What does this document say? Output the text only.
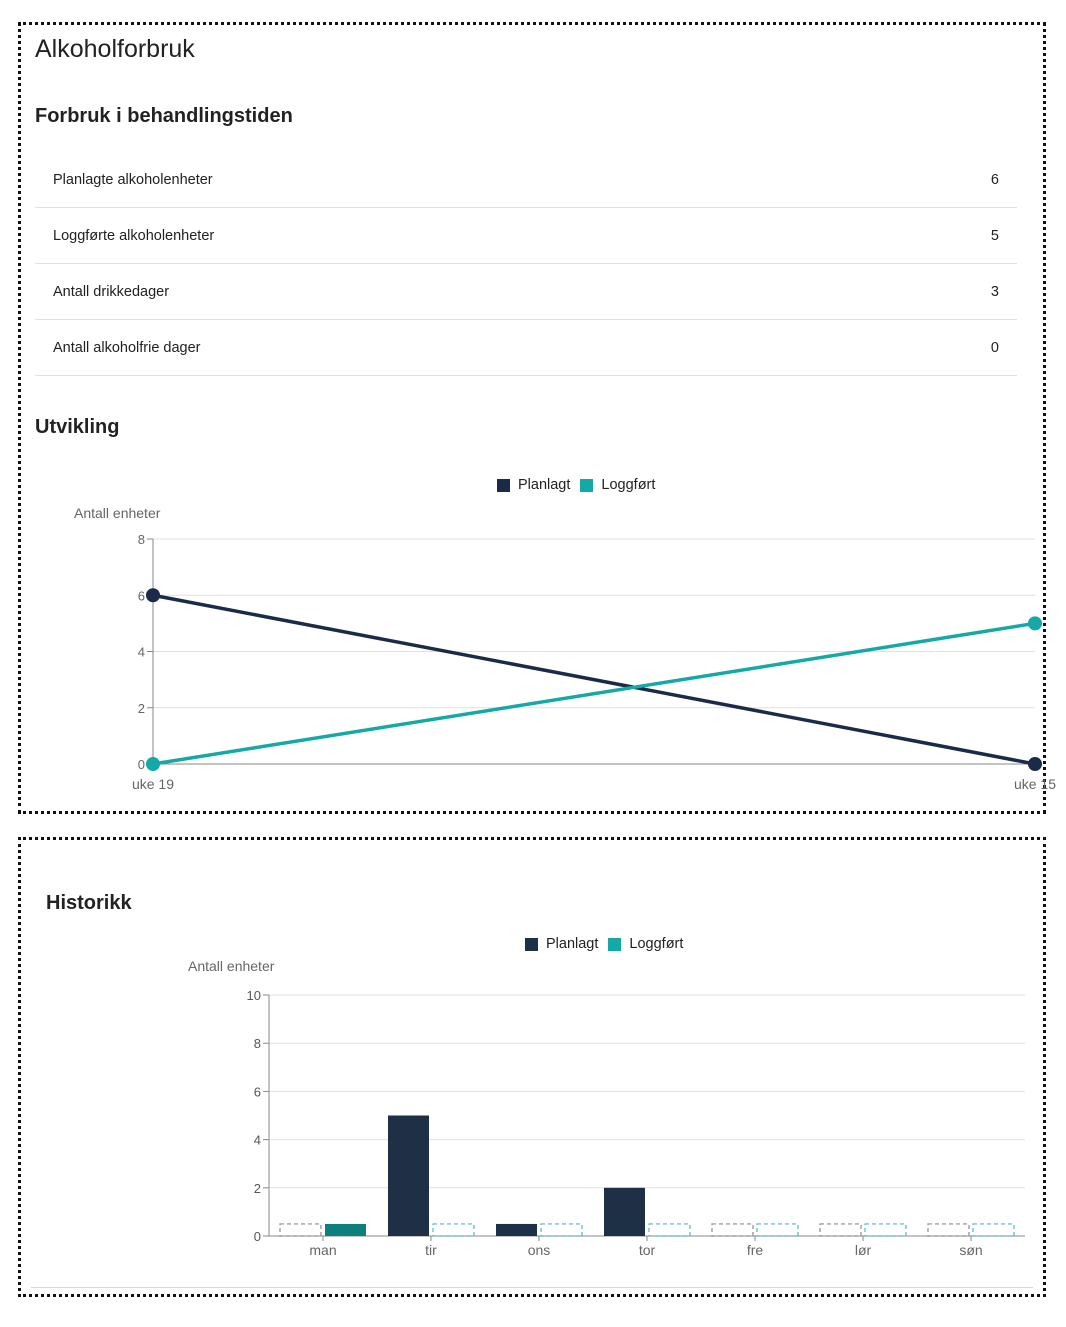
Alkoholforbruk
Forbruk i behandlingstiden
Planlagte alkoholenheter	6
Loggførte alkoholenheter	5
Antall drikkedager	3
Antall alkoholfrie dager	0
Utvikling
Planlagt Loggført
Antall enheter
0
2
4
6
8
uke 19	uke 15
Historikk
Planlagt Loggført
Antall enheter
0
2
4
6
8
10
man	tir	ons	tor	fre	lør	søn
